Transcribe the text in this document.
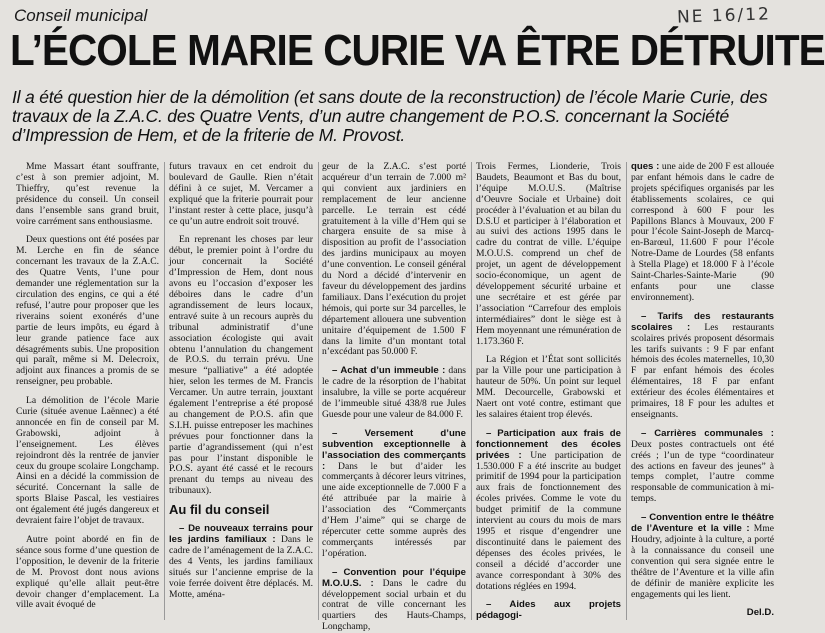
Conseil municipal	NE 16/12
L’ÉCOLE MARIE CURIE VA ÊTRE DÉTRUITE
Il a été question hier de la démolition (et sans doute de la reconstruction) de l’école Marie Curie, des travaux de la Z.A.C. des Quatre Vents, d’un autre changement de P.O.S. concernant la Société d’Impression de Hem, et de la friterie de M. Provost.

Mme Massart étant souffrante, c’est à son premier adjoint, M. Thieffry, qu’est revenue la présidence du conseil. Un conseil dans l’ensemble sans grand bruit, voire carrément sans enthousiasme.

Deux questions ont été posées par M. Lerche en fin de séance concernant les travaux de la Z.A.C. des Quatre Vents, l’une pour demander une réglementation sur la circulation des engins, ce qui a été refusé, l’autre pour proposer que les riverains soient exonérés d’une partie de leurs impôts, eu égard à leur grande patience face aux désagréments subis. Une proposition qui paraît, même si M. Delecroix, adjoint aux finances a promis de se renseigner, peu probable.

La démolition de l’école Marie Curie (située avenue Laënnec) a été annoncée en fin de conseil par M. Grabowski, adjoint à l’enseignement. Les élèves rejoindront dès la rentrée de janvier ceux du groupe scolaire Longchamp. Ainsi en a décidé la commission de sécurité. Concernant la salle de sports Blaise Pascal, les vestiaires ont également été jugés dangereux et devraient faire l’objet de travaux.

Autre point abordé en fin de séance sous forme d’une question de l’opposition, le devenir de la friterie de M. Provost dont nous avions expliqué qu’elle allait peut-être devoir changer d’emplacement. La ville avait évoqué de

futurs travaux en cet endroit du boulevard de Gaulle. Rien n’était défini à ce sujet, M. Vercamer a expliqué que la friterie pourrait pour l’instant rester à cette place, jusqu’à ce qu’un autre endroit soit trouvé.

En reprenant les choses par leur début, le premier point à l’ordre du jour concernait la Société d’Impression de Hem, dont nous avons eu l’occasion d’exposer les déboires dans le cadre d’un agrandissement de leurs locaux, entravé suite à un recours auprès du tribunal administratif d’une association écologiste qui avait obtenu l’annulation du changement de P.O.S. du terrain prévu. Une mesure “palliative” a été adoptée hier, selon les termes de M. Francis Vercamer. Un autre terrain, jouxtant également l’entreprise a été proposé au changement de P.O.S. afin que S.I.H. puisse entreposer les machines prévues pour fonctionner dans la partie d’agrandissement (qui n’est pas pour l’instant disponible le P.O.S. ayant été cassé et le recours prenant du temps au niveau des tribunaux).

Au fil du conseil

– De nouveaux terrains pour les jardins familiaux : Dans le cadre de l’aménagement de la Z.A.C. des 4 Vents, les jardins familiaux situés sur l’ancienne emprise de la voie ferrée doivent être déplacés. M. Motte, aména-

geur de la Z.A.C. s’est porté acquéreur d’un terrain de 7.000 m² qui convient aux jardiniers en remplacement de leur ancienne parcelle. Le terrain est cédé gratuitement à la ville d’Hem qui se chargera ensuite de sa mise à disposition au profit de l’association des jardins municipaux au moyen d’une convention. Le conseil général du Nord a décidé d’intervenir en faveur du développement des jardins familiaux. Dans l’exécution du projet hémois, qui porte sur 34 parcelles, le département allouera une subvention unitaire d’équipement de 1.500 F dans la limite d’un montant total n’excédant pas 50.000 F.

– Achat d’un immeuble : dans le cadre de la résorption de l’habitat insalubre, la ville se porte acquéreur de l’immeuble situé 438/8 rue Jules Guesde pour une valeur de 84.000 F.

– Versement d’une subvention exceptionnelle à l’association des commerçants : Dans le but d’aider les commerçants à décorer leurs vitrines, une aide exceptionnelle de 7.000 F a été attribuée par la mairie à l’association des “Commerçants d’Hem J’aime” qui se charge de répercuter cette somme auprès des commerçants intéressés par l’opération.

– Convention pour l’équipe M.O.U.S. : Dans le cadre du développement social urbain et du contrat de ville concernant les quartiers des Hauts-Champs, Longchamp,

Trois Fermes, Lionderie, Trois Baudets, Beaumont et Bas du bout, l’équipe M.O.U.S. (Maîtrise d’Oeuvre Sociale et Urbaine) doit procéder à l’évaluation et au bilan du D.S.U et participer à l’élaboration et au suivi des actions 1995 dans le cadre du contrat de ville. L’équipe M.O.U.S. comprend un chef de projet, un agent de développement socio-économique, un agent de développement sécurité urbaine et une secrétaire et est gérée par l’association “Carrefour des emplois intermédiaires” dont le siège est à Hem moyennant une rémunération de 1.173.360 F.

La Région et l’État sont sollicités par la Ville pour une participation à hauteur de 50%. Un point sur lequel MM. Decourcelle, Grabowski et Naert ont voté contre, estimant que les salaires étaient trop élevés.

– Participation aux frais de fonctionnement des écoles privées : Une participation de 1.530.000 F a été inscrite au budget primitif de 1994 pour la participation aux frais de fonctionnement des écoles privées. Comme le vote du budget primitif de la commune intervient au cours du mois de mars 1995 et risque d’engendrer une discontinuité dans le paiement des dépenses des écoles privées, le conseil a décidé d’accorder une avance correspondant à 30% des dotations réglées en 1994.

– Aides aux projets pédagogi-

ques : une aide de 200 F est allouée par enfant hémois dans le cadre de projets spécifiques organisés par les établissements scolaires, ce qui correspond à 600 F pour les Papillons Blancs à Mouvaux, 200 F pour l’école Saint-Joseph de Marcq-en-Barœul, 11.600 F pour l’école Notre-Dame de Lourdes (58 enfants à Stella Plage) et 18.000 F à l’école Saint-Charles-Sainte-Marie (90 enfants pour une classe environnement).

– Tarifs des restaurants scolaires : Les restaurants scolaires privés proposent désormais les tarifs suivants : 9 F par enfant hémois des écoles maternelles, 10,30 F par enfant hémois des écoles élémentaires, 18 F par enfant extérieur des écoles élémentaires et primaires, 18 F pour les adultes et enseignants.

– Carrières communales : Deux postes contractuels ont été créés ; l’un de type “coordinateur des actions en faveur des jeunes” à temps complet, l’autre comme responsable de communication à mi-temps.

– Convention entre le théâtre de l’Aventure et la ville : Mme Houdry, adjointe à la culture, a porté à la connaissance du conseil une convention qui sera signée entre le théâtre de l’Aventure et la ville afin de définir de manière explicite les engagements qui les lient.

Del.D.
